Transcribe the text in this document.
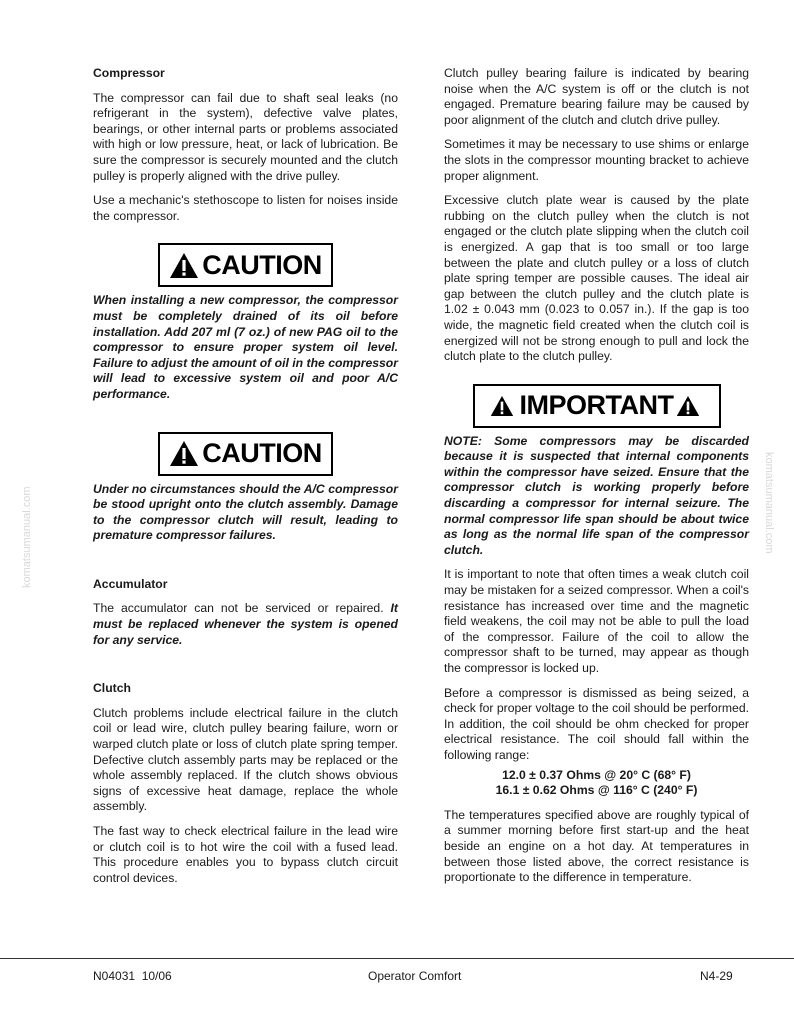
komatsumanual.com	komatsumanual.com
Compressor
The compressor can fail due to shaft seal leaks (no refrigerant in the system), defective valve plates, bearings, or other internal parts or problems associated with high or low pressure, heat, or lack of lubrication. Be sure the compressor is securely mounted and the clutch pulley is properly aligned with the drive pulley.
Use a mechanic's stethoscope to listen for noises inside the compressor.
CAUTION
When installing a new compressor, the compressor must be completely drained of its oil before installation. Add 207 ml (7 oz.) of new PAG oil to the compressor to ensure proper system oil level. Failure to adjust the amount of oil in the compressor will lead to excessive system oil and poor A/C performance.
CAUTION
Under no circumstances should the A/C compressor be stood upright onto the clutch assembly. Damage to the compressor clutch will result, leading to premature compressor failures.
Accumulator
The accumulator can not be serviced or repaired. It must be replaced whenever the system is opened for any service.
Clutch
Clutch problems include electrical failure in the clutch coil or lead wire, clutch pulley bearing failure, worn or warped clutch plate or loss of clutch plate spring temper. Defective clutch assembly parts may be replaced or the whole assembly replaced. If the clutch shows obvious signs of excessive heat damage, replace the whole assembly.
The fast way to check electrical failure in the lead wire or clutch coil is to hot wire the coil with a fused lead. This procedure enables you to bypass clutch circuit control devices.
Clutch pulley bearing failure is indicated by bearing noise when the A/C system is off or the clutch is not engaged. Premature bearing failure may be caused by poor alignment of the clutch and clutch drive pulley.
Sometimes it may be necessary to use shims or enlarge the slots in the compressor mounting bracket to achieve proper alignment.
Excessive clutch plate wear is caused by the plate rubbing on the clutch pulley when the clutch is not engaged or the clutch plate slipping when the clutch coil is energized. A gap that is too small or too large between the plate and clutch pulley or a loss of clutch plate spring temper are possible causes. The ideal air gap between the clutch pulley and the clutch plate is 1.02 ± 0.043 mm (0.023 to 0.057 in.). If the gap is too wide, the magnetic field created when the clutch coil is energized will not be strong enough to pull and lock the clutch plate to the clutch pulley.
IMPORTANT
NOTE: Some compressors may be discarded because it is suspected that internal components within the compressor have seized. Ensure that the compressor clutch is working properly before discarding a compressor for internal seizure. The normal compressor life span should be about twice as long as the normal life span of the compressor clutch.
It is important to note that often times a weak clutch coil may be mistaken for a seized compressor. When a coil's resistance has increased over time and the magnetic field weakens, the coil may not be able to pull the load of the compressor. Failure of the coil to allow the compressor shaft to be turned, may appear as though the compressor is locked up.
Before a compressor is dismissed as being seized, a check for proper voltage to the coil should be performed. In addition, the coil should be ohm checked for proper electrical resistance. The coil should fall within the following range:
12.0 ± 0.37 Ohms @ 20° C (68° F)
16.1 ± 0.62 Ohms @ 116° C (240° F)
The temperatures specified above are roughly typical of a summer morning before first start-up and the heat beside an engine on a hot day. At temperatures in between those listed above, the correct resistance is proportionate to the difference in temperature.
N04031  10/06	Operator Comfort	N4-29
